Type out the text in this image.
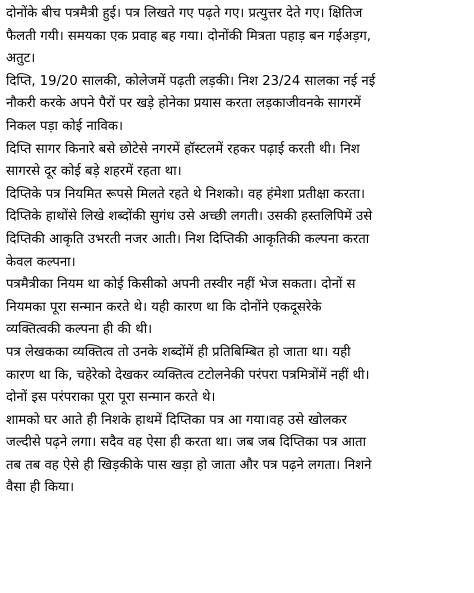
दोनोंके बीच पत्रमैत्री हुई। पत्र लिखते गए पढ़ते गए। प्रत्युत्तर देते गए। क्षितिज
फैलती गयी। समयका एक प्रवाह बह गया। दोनोंकी मित्रता पहाड़ बन गईअड़ग,
अतुट।
दिप्ति, 19/20 सालकी, कोलेजमें पढ़ती लड़की। निश 23/24 सालका नई नई
नौकरी करके अपने पैरों पर खड़े होनेका प्रयास करता लड़काजीवनके सागरमें
निकल पड़ा कोई नाविक।
दिप्ति सागर किनारे बसे छोटेसे नगरमें हॉस्टलमें रहकर पढ़ाई करती थी। निश
सागरसे दूर कोई बड़े शहरमें रहता था।
दिप्तिके पत्र नियमित रूपसे मिलते रहते थे निशको। वह हंमेशा प्रतीक्षा करता।
दिप्तिके हाथोंसे लिखे शब्दोंकी सुगंध उसे अच्छी लगती। उसकी हस्तलिपिमें उसे
दिप्तिकी आकृति उभरती नजर आती। निश दिप्तिकी आकृतिकी कल्पना करता
केवल कल्पना।
पत्रमैत्रीका नियम था कोई किसीको अपनी तस्वीर नहीं भेज सकता। दोनों स
नियमका पूरा सन्मान करते थे। यही कारण था कि दोनोंने एकदूसरेके
व्यक्तित्वकी कल्पना ही की थी।
पत्र लेखकका व्यक्तित्व तो उनके शब्दोंमें ही प्रतिबिम्बित हो जाता था। यही
कारण था कि, चहेरेको देखकर व्यक्तित्व टटोलनेकी परंपरा पत्रमित्रोंमें नहीं थी।
दोनों इस परंपराका पूरा पूरा सन्मान करते थे।
शामको घर आते ही निशके हाथमें दिप्तिका पत्र आ गया।वह उसे खोलकर
जल्दीसे पढ़ने लगा। सदैव वह ऐसा ही करता था। जब जब दिप्तिका पत्र आता
तब तब वह ऐसे ही खिड़कीके पास खड़ा हो जाता और पत्र पढ़ने लगता। निशने
वैसा ही किया।
